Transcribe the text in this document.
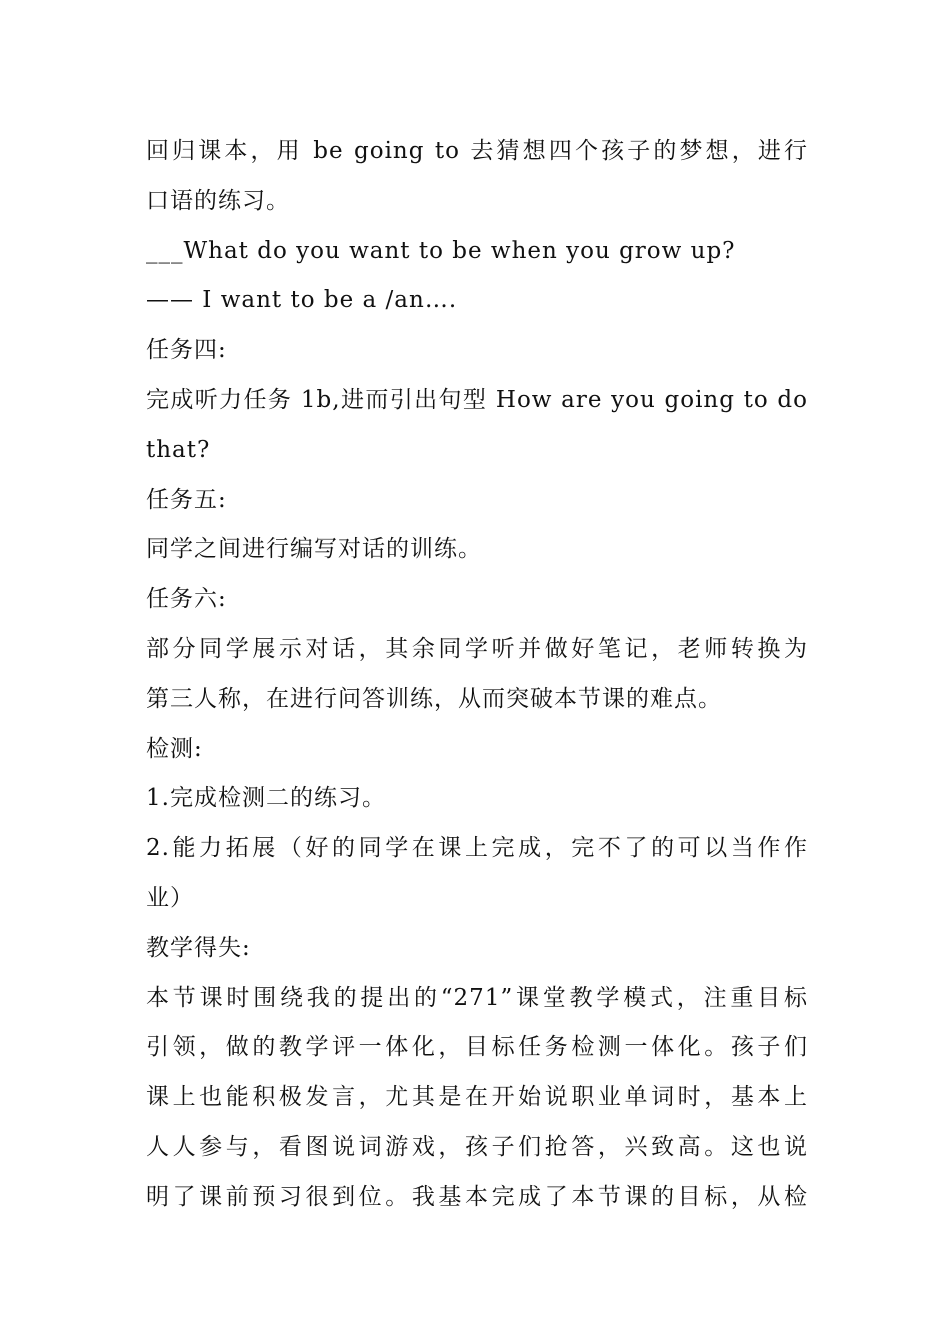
回归课本，用 be going to 去猜想四个孩子的梦想，进行
口语的练习。
___What do you want to be when you grow up?
—— I want to be a /an….
任务四:
完成听力任务 1b,进而引出句型 How are you going to do
that?
任务五:
同学之间进行编写对话的训练。
任务六:
部分同学展示对话，其余同学听并做好笔记，老师转换为
第三人称，在进行问答训练，从而突破本节课的难点。
检测:
1.完成检测二的练习。
2.能力拓展（好的同学在课上完成，完不了的可以当作作
业）
教学得失:
本节课时围绕我的提出的“271”课堂教学模式，注重目标
引领，做的教学评一体化，目标任务检测一体化。孩子们
课上也能积极发言，尤其是在开始说职业单词时，基本上
人人参与，看图说词游戏，孩子们抢答，兴致高。这也说
明了课前预习很到位。我基本完成了本节课的目标，从检
